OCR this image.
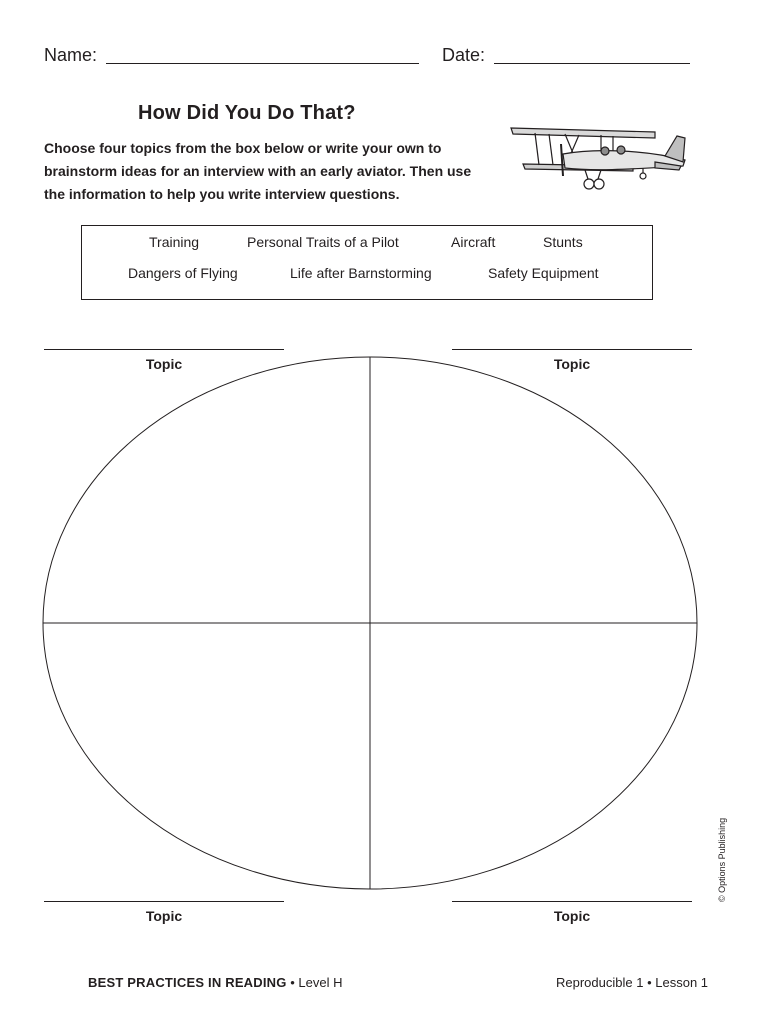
Name:	Date:
How Did You Do That?
Choose four topics from the box below or write your own to brainstorm ideas for an interview with an early aviator. Then use the information to help you write interview questions.
Training	Personal Traits of a Pilot	Aircraft	Stunts
Dangers of Flying	Life after Barnstorming	Safety Equipment
Topic	Topic
Topic	Topic
© Options Publishing
BEST PRACTICES IN READING • Level H	Reproducible 1 • Lesson 1
